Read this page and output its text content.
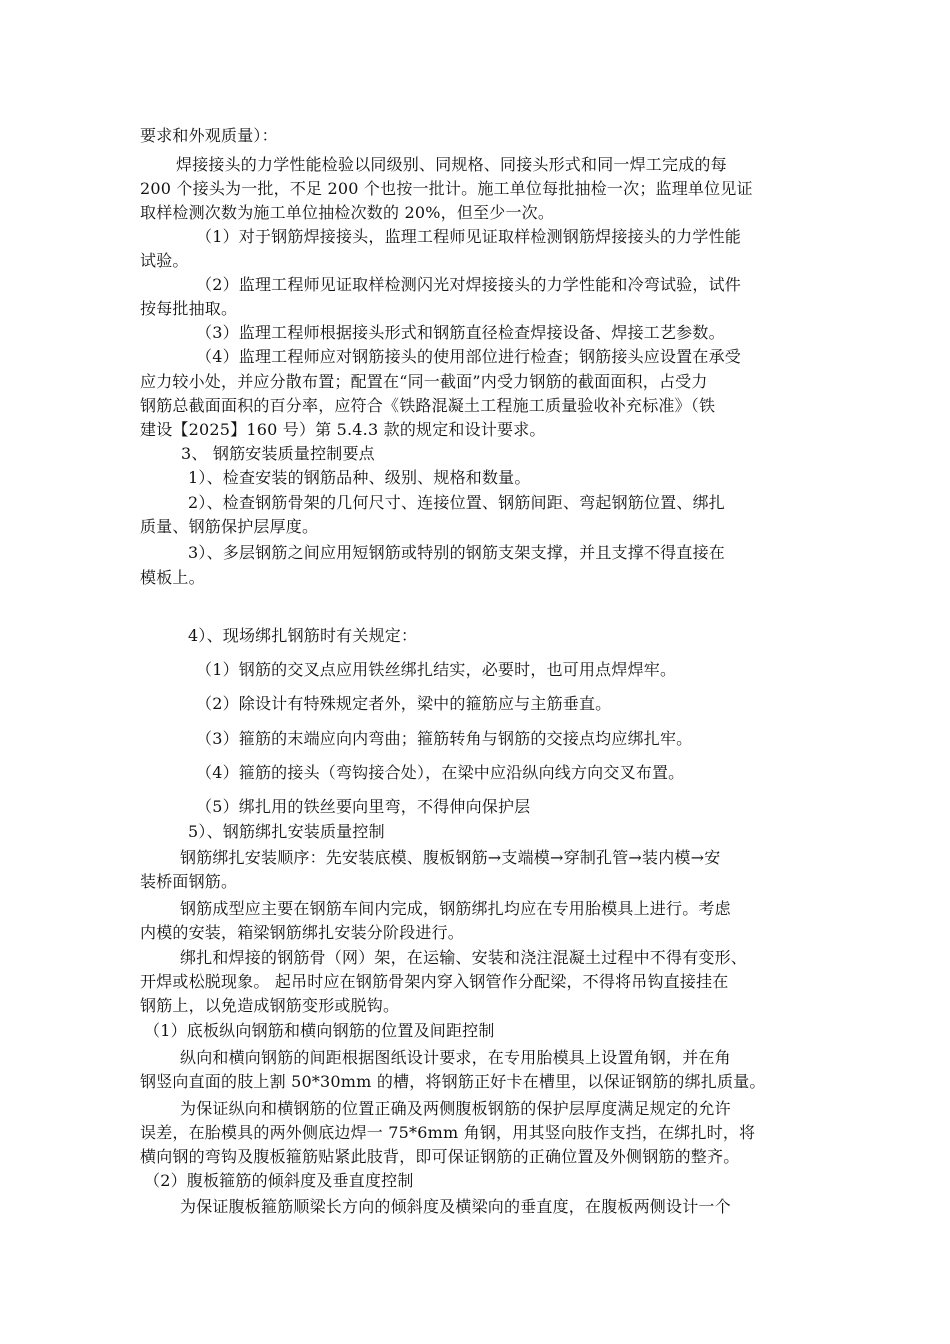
要求和外观质量）：

焊接接头的力学性能检验以同级别、同规格、同接头形式和同一焊工完成的每

200 个接头为一批，不足 200 个也按一批计。施工单位每批抽检一次；监理单位见证

取样检测次数为施工单位抽检次数的 20%，但至少一次。

（1）对于钢筋焊接接头，监理工程师见证取样检测钢筋焊接接头的力学性能

试验。

（2）监理工程师见证取样检测闪光对焊接接头的力学性能和冷弯试验，试件

按每批抽取。

（3）监理工程师根据接头形式和钢筋直径检查焊接设备、焊接工艺参数。

（4）监理工程师应对钢筋接头的使用部位进行检查；钢筋接头应设置在承受

应力较小处，并应分散布置；配置在“同一截面”内受力钢筋的截面面积，占受力

钢筋总截面面积的百分率，应符合《铁路混凝土工程施工质量验收补充标准》（铁

建设【2025】160 号）第 5.4.3 款的规定和设计要求。

3、 钢筋安装质量控制要点

1）、检查安装的钢筋品种、级别、规格和数量。

2）、检查钢筋骨架的几何尺寸、连接位置、钢筋间距、弯起钢筋位置、绑扎

质量、钢筋保护层厚度。

3）、多层钢筋之间应用短钢筋或特别的钢筋支架支撑，并且支撑不得直接在

模板上。

4）、现场绑扎钢筋时有关规定：

（1）钢筋的交叉点应用铁丝绑扎结实，必要时，也可用点焊焊牢。

（2）除设计有特殊规定者外，梁中的箍筋应与主筋垂直。

（3）箍筋的末端应向内弯曲；箍筋转角与钢筋的交接点均应绑扎牢。

（4）箍筋的接头（弯钩接合处），在梁中应沿纵向线方向交叉布置。

（5）绑扎用的铁丝要向里弯，不得伸向保护层

5）、钢筋绑扎安装质量控制

钢筋绑扎安装顺序：先安装底模、腹板钢筋→支端模→穿制孔管→装内模→安

装桥面钢筋。

钢筋成型应主要在钢筋车间内完成，钢筋绑扎均应在专用胎模具上进行。考虑

内模的安装，箱梁钢筋绑扎安装分阶段进行。

绑扎和焊接的钢筋骨（网）架，在运输、安装和浇注混凝土过程中不得有变形、

开焊或松脱现象。 起吊时应在钢筋骨架内穿入钢管作分配梁，不得将吊钩直接挂在

钢筋上，以免造成钢筋变形或脱钩。

（1）底板纵向钢筋和横向钢筋的位置及间距控制

纵向和横向钢筋的间距根据图纸设计要求，在专用胎模具上设置角钢，并在角

钢竖向直面的肢上割 50*30mm 的槽，将钢筋正好卡在槽里，以保证钢筋的绑扎质量。

为保证纵向和横钢筋的位置正确及两侧腹板钢筋的保护层厚度满足规定的允许

误差，在胎模具的两外侧底边焊一 75*6mm 角钢，用其竖向肢作支挡，在绑扎时，将

横向钢的弯钩及腹板箍筋贴紧此肢背，即可保证钢筋的正确位置及外侧钢筋的整齐。

（2）腹板箍筋的倾斜度及垂直度控制

为保证腹板箍筋顺梁长方向的倾斜度及横梁向的垂直度，在腹板两侧设计一个
